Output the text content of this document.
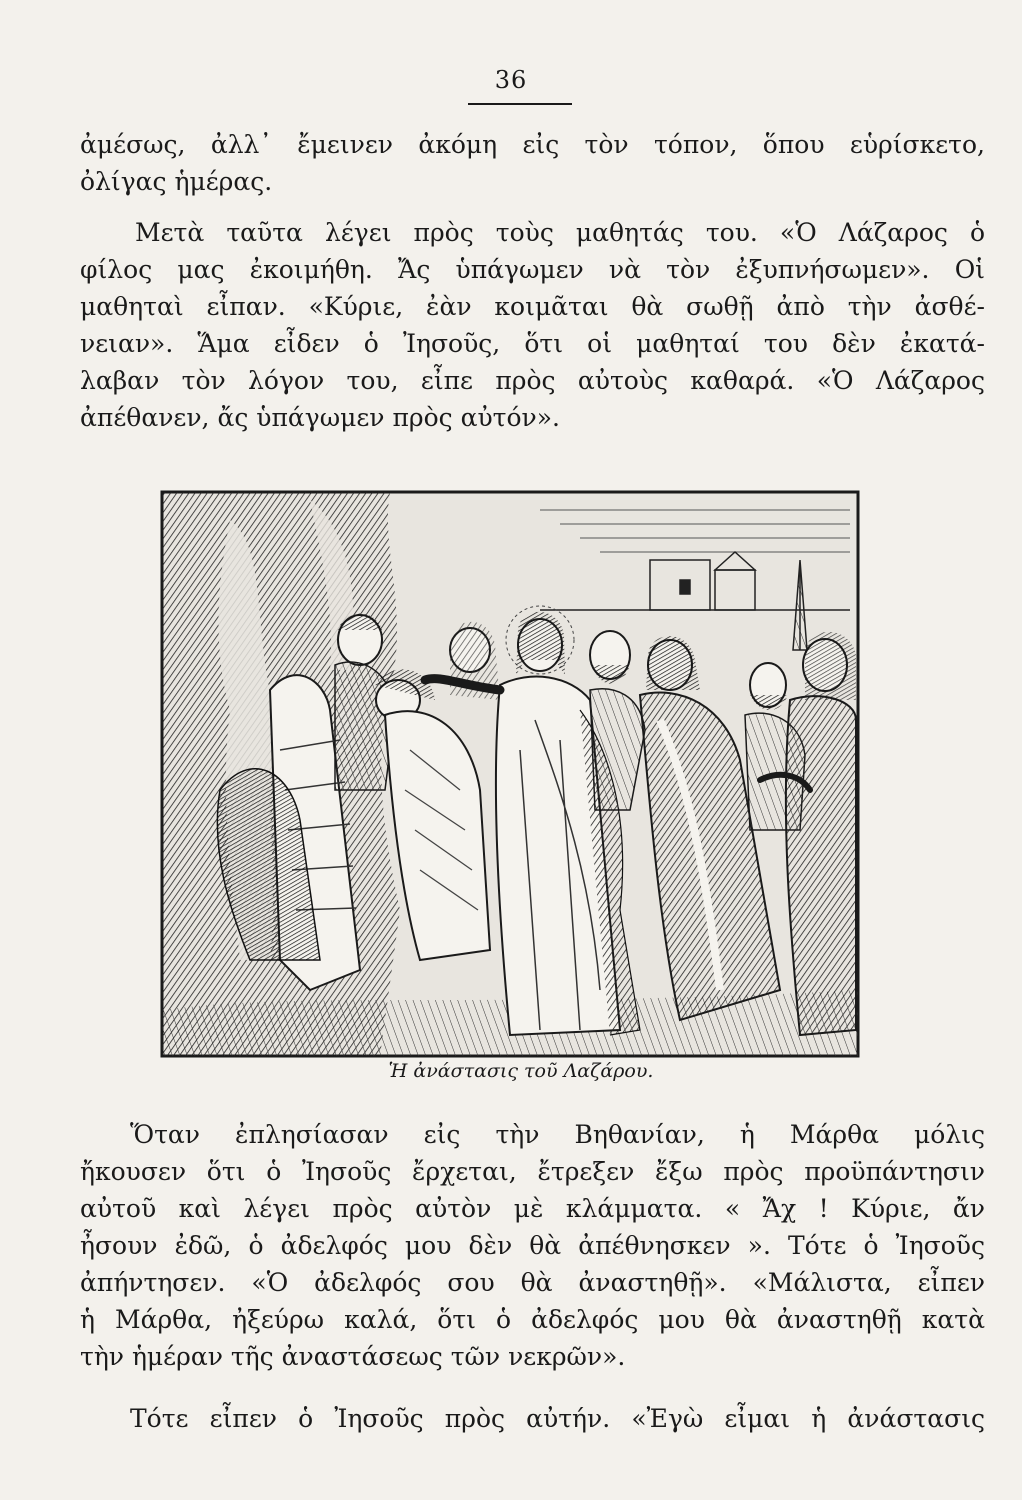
36
ἀμέσως, ἀλλ᾽ ἔμεινεν ἀκόμη εἰς τὸν τόπον, ὅπου εὑρίσκετο,
ὀλίγας ἡμέρας.
Μετὰ ταῦτα λέγει πρὸς τοὺς μαθητάς του. «Ὁ Λάζαρος ὁ
φίλος μας ἐκοιμήθη. Ἄς ὑπάγωμεν νὰ τὸν ἐξυπνήσωμεν». Οἱ
μαθηταὶ εἶπαν. «Κύριε, ἐὰν κοιμᾶται θὰ σωθῇ ἀπὸ τὴν ἀσθέ-
νειαν». Ἅμα εἶδεν ὁ Ἰησοῦς, ὅτι οἱ μαθηταί του δὲν ἐκατά-
λαβαν τὸν λόγον του, εἶπε πρὸς αὐτοὺς καθαρά. «Ὁ Λάζαρος
ἀπέθανεν, ἄς ὑπάγωμεν πρὸς αὐτόν».
Ἡ ἀνάστασις τοῦ Λαζάρου.
Ὅταν ἐπλησίασαν εἰς τὴν Βηθανίαν, ἡ Μάρθα μόλις
ἤκουσεν ὅτι ὁ Ἰησοῦς ἔρχεται, ἔτρεξεν ἔξω πρὸς προϋπάντησιν
αὐτοῦ καὶ λέγει πρὸς αὐτὸν μὲ κλάμματα. « Ἄχ ! Κύριε, ἄν
ἦσουν ἐδῶ, ὁ ἀδελφός μου δὲν θὰ ἀπέθνησκεν ». Τότε ὁ Ἰησοῦς
ἀπήντησεν. «Ὁ ἀδελφός σου θὰ ἀναστηθῇ». «Μάλιστα, εἶπεν
ἡ Μάρθα, ἠξεύρω καλά, ὅτι ὁ ἀδελφός μου θὰ ἀναστηθῇ κατὰ
τὴν ἡμέραν τῆς ἀναστάσεως τῶν νεκρῶν».
Τότε εἶπεν ὁ Ἰησοῦς πρὸς αὐτήν. «Ἐγὼ εἶμαι ἡ ἀνάστασις
